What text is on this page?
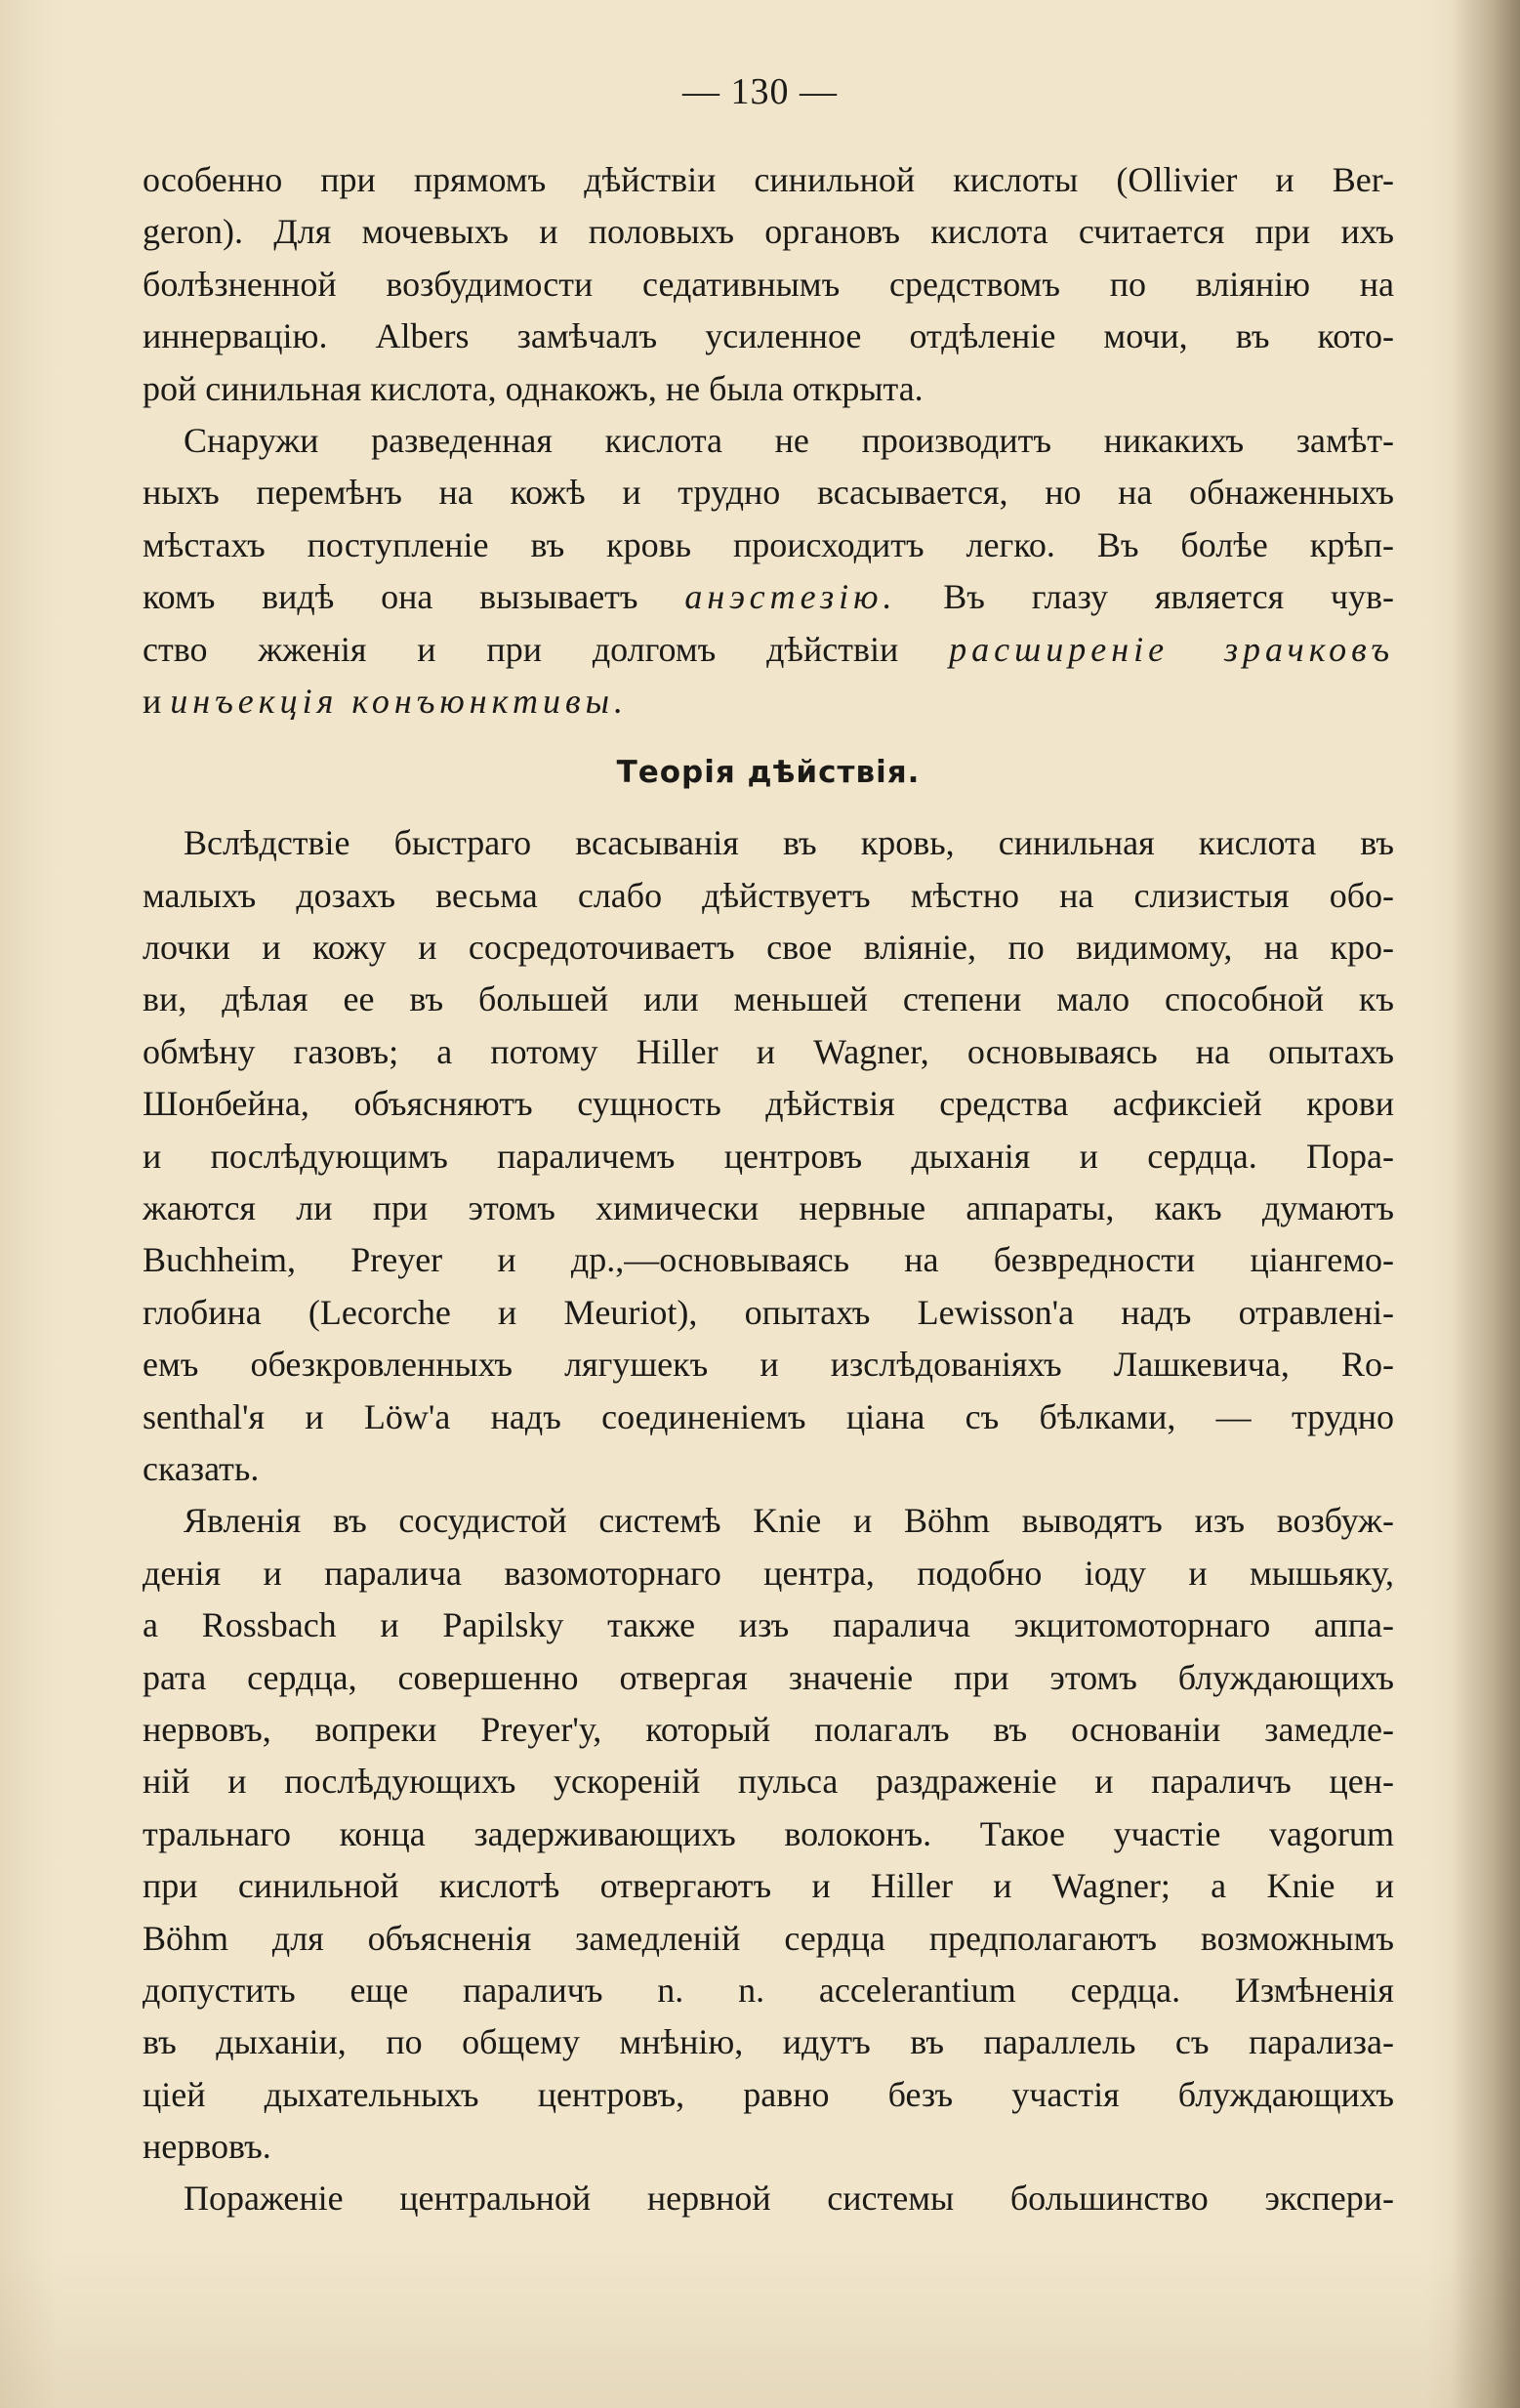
— 130 —
особенно при прямомъ дѣйствіи синильной кислоты (Ollivier и Ber-
geron). Для мочевыхъ и половыхъ органовъ кислота считается при ихъ
болѣзненной возбудимости седативнымъ средствомъ по вліянію на
иннервацію. Albers замѣчалъ усиленное отдѣленіе мочи, въ кото-
рой синильная кислота, однакожъ, не была открыта.
Снаружи разведенная кислота не производитъ никакихъ замѣт-
ныхъ перемѣнъ на кожѣ и трудно всасывается, но на обнаженныхъ
мѣстахъ поступленіе въ кровь происходитъ легко. Въ болѣе крѣп-
комъ видѣ она вызываетъ анэстезію. Въ глазу является чув-
ство жженія и при долгомъ дѣйствіи расширеніе зрачковъ
и инъекція конъюнктивы.
Теорія дѣйствія.
Вслѣдствіе быстраго всасыванія въ кровь, синильная кислота въ
малыхъ дозахъ весьма слабо дѣйствуетъ мѣстно на слизистыя обо-
лочки и кожу и сосредоточиваетъ свое вліяніе, по видимому, на кро-
ви, дѣлая ее въ большей или меньшей степени мало способной къ
обмѣну газовъ; а потому Hiller и Wagner, основываясь на опытахъ
Шонбейна, объясняютъ сущность дѣйствія средства асфиксіей крови
и послѣдующимъ параличемъ центровъ дыханія и сердца. Пора-
жаются ли при этомъ химически нервные аппараты, какъ думаютъ
Buchheim, Preyer и др.,—основываясь на безвредности ціангемо-
глобина (Lecorche и Meuriot), опытахъ Lewisson'а надъ отравлені-
емъ обезкровленныхъ лягушекъ и изслѣдованіяхъ Лашкевича, Ro-
senthal'я и Löw'а надъ соединеніемъ ціана съ бѣлками, — трудно
сказать.
Явленія въ сосудистой системѣ Knie и Böhm выводятъ изъ возбуж-
денія и паралича вазомоторнаго центра, подобно іоду и мышьяку,
а Rossbach и Papilsky также изъ паралича экцитомоторнаго аппа-
рата сердца, совершенно отвергая значеніе при этомъ блуждающихъ
нервовъ, вопреки Preyer'у, который полагалъ въ основаніи замедле-
ній и послѣдующихъ ускореній пульса раздраженіе и параличъ цен-
тральнаго конца задерживающихъ волоконъ. Такое участіе vagorum
при синильной кислотѣ отвергаютъ и Hiller и Wagner; а Knie и
Böhm для объясненія замедленій сердца предполагаютъ возможнымъ
допустить еще параличъ n. n. accelerantium сердца. Измѣненія
въ дыханіи, по общему мнѣнію, идутъ въ параллель съ парализа-
ціей дыхательныхъ центровъ, равно безъ участія блуждающихъ
нервовъ.
Пораженіе центральной нервной системы большинство экспери-
